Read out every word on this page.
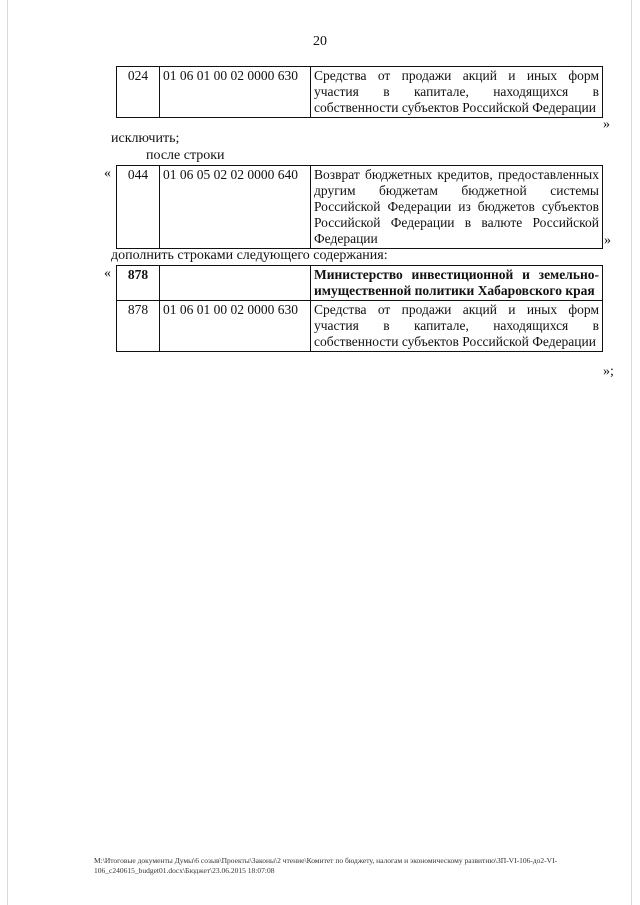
20
024	01 06 01 00 02 0000 630	Средства от продажи акций и иных форм участия в капитале, находящихся в собственности субъектов Российской Федерации
»
исключить;
после строки
« 044	01 06 05 02 02 0000 640	Возврат бюджетных кредитов, предоставленных другим бюджетам бюджетной системы Российской Федерации из бюджетов субъектов Российской Федерации в валюте Российской Федерации	»
дополнить строками следующего содержания:
« 878		Министерство инвестиционной и земельно-имущественной политики Хабаровского края
878	01 06 01 00 02 0000 630	Средства от продажи акций и иных форм участия в капитале, находящихся в собственности субъектов Российской Федерации
»;
M:\Итоговые документы Думы\6 созыв\Проекты\Законы\2 чтение\Комитет по бюджету, налогам и экономическому развитию\ЗП-VI-106-до2-VI-106_с240615_budget01.docx\Бюджет\23.06.2015 18:07:08
